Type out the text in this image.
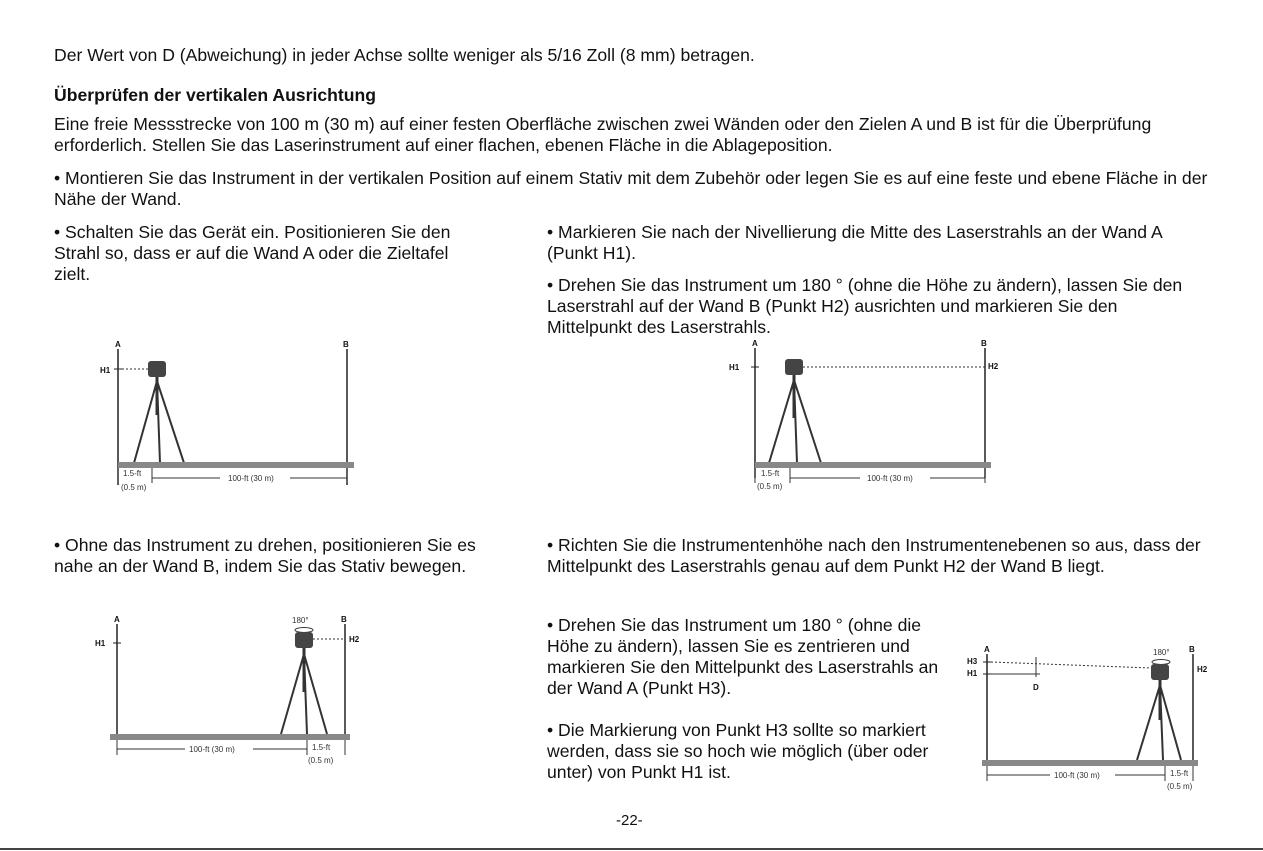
Der Wert von D (Abweichung) in jeder Achse sollte weniger als 5/16 Zoll (8 mm) betragen.

Überprüfen der vertikalen Ausrichtung

Eine freie Messstrecke von 100 m (30 m) auf einer festen Oberfläche zwischen zwei Wänden oder den Zielen A und B ist für die Überprüfung erforderlich. Stellen Sie das Laserinstrument auf einer flachen, ebenen Fläche in die Ablageposition.

• Montieren Sie das Instrument in der vertikalen Position auf einem Stativ mit dem Zubehör oder legen Sie es auf eine feste und ebene Fläche in der Nähe der Wand.

• Schalten Sie das Gerät ein. Positionieren Sie den Strahl so, dass er auf die Wand A oder die Zieltafel zielt.

• Markieren Sie nach der Nivellierung die Mitte des Laserstrahls an der Wand A (Punkt H1).

• Drehen Sie das Instrument um 180 ° (ohne die Höhe zu ändern), lassen Sie den Laserstrahl auf der Wand B (Punkt H2) ausrichten und markieren Sie den Mittelpunkt des Laserstrahls.

• Ohne das Instrument zu drehen, positionieren Sie es nahe an der Wand B, indem Sie das Stativ bewegen.

• Richten Sie die Instrumentenhöhe nach den Instrumentenebenen so aus, dass der Mittelpunkt des Laserstrahls genau auf dem Punkt H2 der Wand B liegt.

• Drehen Sie das Instrument um 180 ° (ohne die Höhe zu ändern), lassen Sie es zentrieren und markieren Sie den Mittelpunkt des Laserstrahls an der Wand A (Punkt H3).

• Die Markierung von Punkt H3 sollte so markiert werden, dass sie so hoch wie möglich (über oder unter) von Punkt H1 ist.

-22-

A	B
H1
1.5-ft
(0.5 m)
100-ft (30 m)
A	B
H1	H2
1.5-ft
(0.5 m)
100-ft (30 m)
A	B
H1	H2
180°
100-ft (30 m)	1.5-ft
(0.5 m)
A	B
H3
H1	H2
D
180°
100-ft (30 m)	1.5-ft
(0.5 m)
